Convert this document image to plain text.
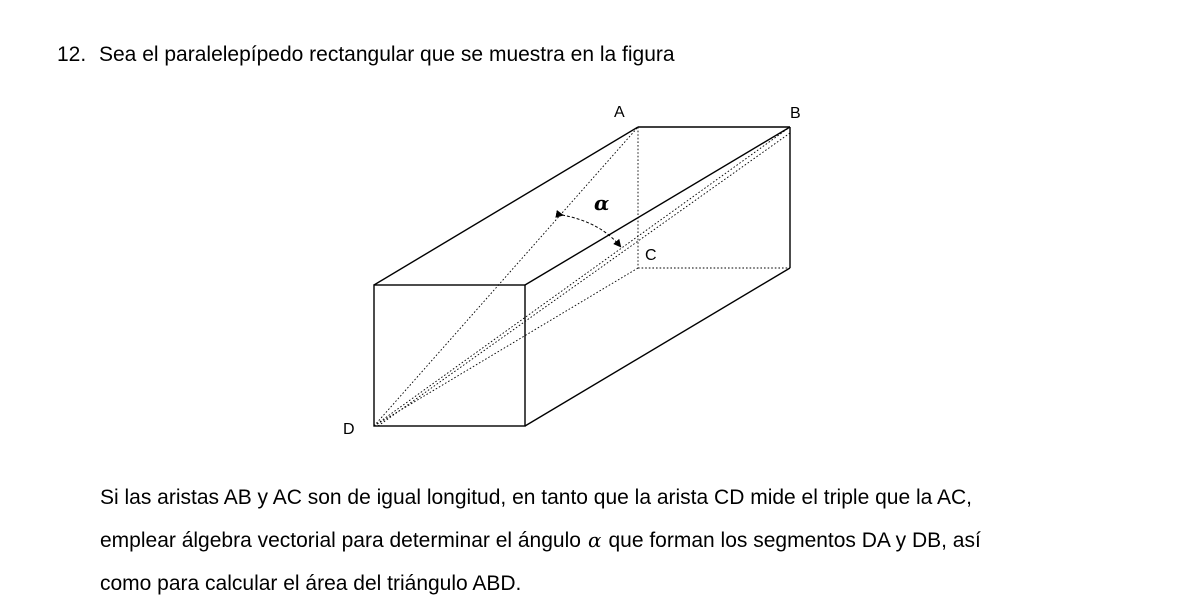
12. Sea el paralelepípedo rectangular que se muestra en la figura
A	B
C
D
α
Si las aristas AB y AC son de igual longitud, en tanto que la arista CD mide el triple que la AC,
emplear álgebra vectorial para determinar el ángulo α que forman los segmentos DA y DB, así
como para calcular el área del triángulo ABD.
